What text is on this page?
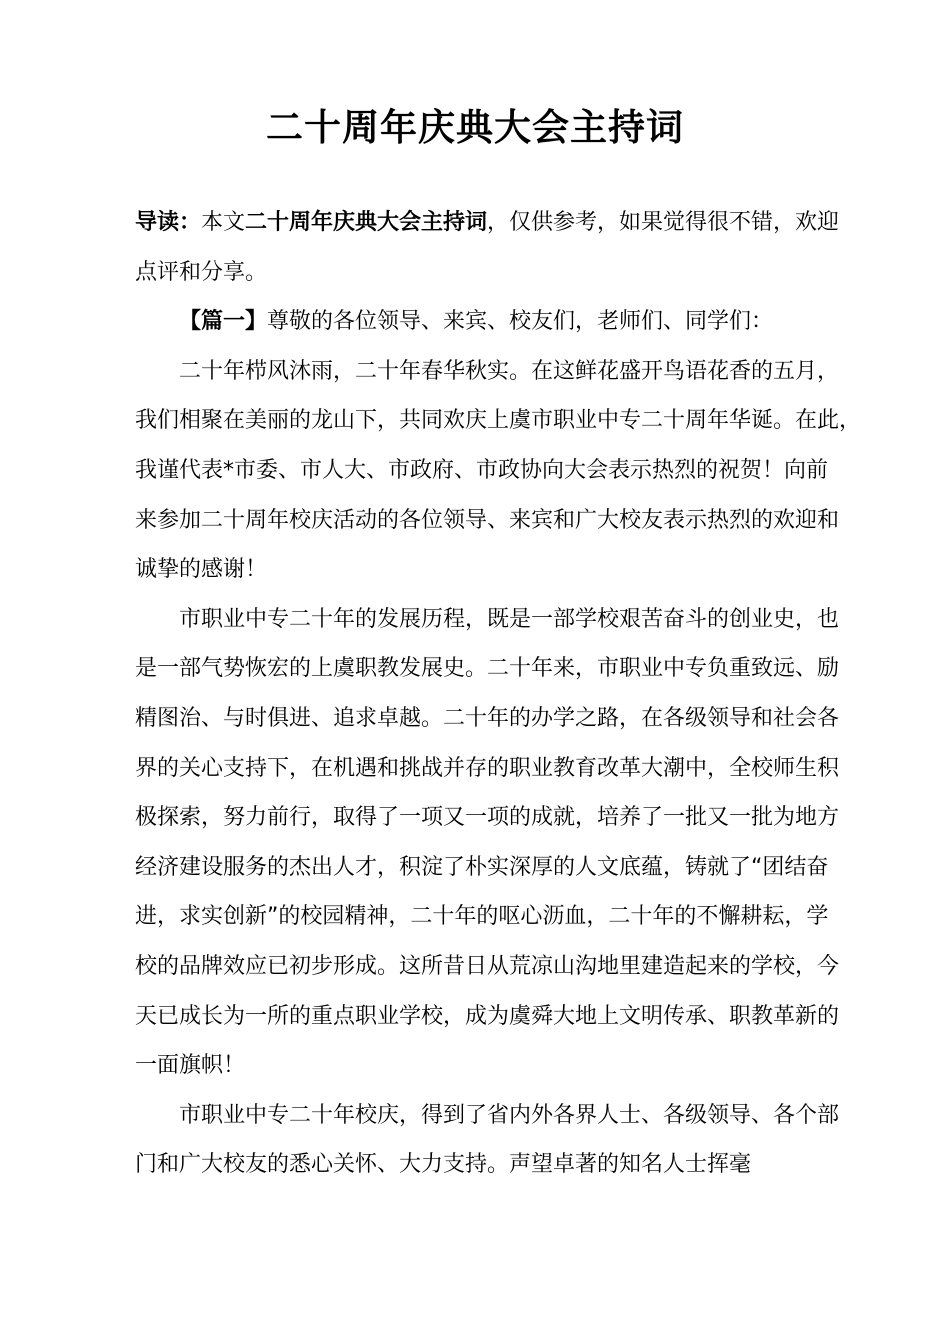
二十周年庆典大会主持词

导读：本文二十周年庆典大会主持词，仅供参考，如果觉得很不错，欢迎

点评和分享。

【篇一】尊敬的各位领导、来宾、校友们，老师们、同学们：

二十年栉风沐雨，二十年春华秋实。在这鲜花盛开鸟语花香的五月，

我们相聚在美丽的龙山下，共同欢庆上虞市职业中专二十周年华诞。在此，

我谨代表*市委、市人大、市政府、市政协向大会表示热烈的祝贺！向前

来参加二十周年校庆活动的各位领导、来宾和广大校友表示热烈的欢迎和

诚挚的感谢！

市职业中专二十年的发展历程，既是一部学校艰苦奋斗的创业史，也

是一部气势恢宏的上虞职教发展史。二十年来，市职业中专负重致远、励

精图治、与时俱进、追求卓越。二十年的办学之路，在各级领导和社会各

界的关心支持下，在机遇和挑战并存的职业教育改革大潮中，全校师生积

极探索，努力前行，取得了一项又一项的成就，培养了一批又一批为地方

经济建设服务的杰出人才，积淀了朴实深厚的人文底蕴，铸就了“团结奋

进，求实创新”的校园精神，二十年的呕心沥血，二十年的不懈耕耘，学

校的品牌效应已初步形成。这所昔日从荒凉山沟地里建造起来的学校，今

天已成长为一所的重点职业学校，成为虞舜大地上文明传承、职教革新的

一面旗帜！

市职业中专二十年校庆，得到了省内外各界人士、各级领导、各个部

门和广大校友的悉心关怀、大力支持。声望卓著的知名人士挥毫
